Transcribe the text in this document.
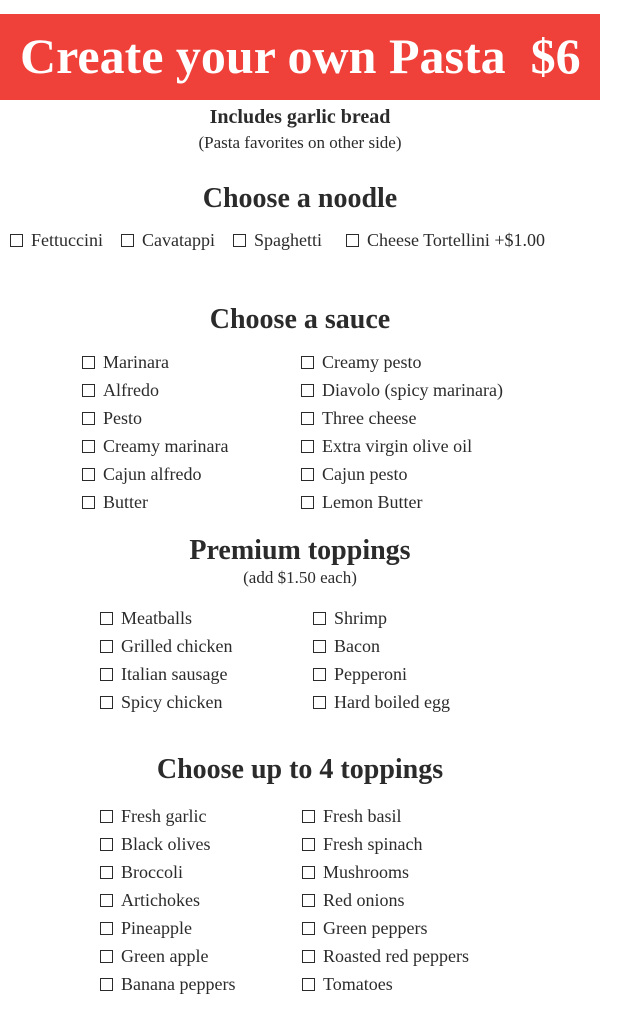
Create your own Pasta  $6
Includes garlic bread
(Pasta favorites on other side)
Choose a noodle
Fettuccini Cavatappi Spaghetti	Cheese Tortellini +$1.00
Choose a sauce
Marinara
Alfredo
Pesto
Creamy marinara
Cajun alfredo
Butter
Creamy pesto
Diavolo (spicy marinara)
Three cheese
Extra virgin olive oil
Cajun pesto
Lemon Butter
Premium toppings
(add $1.50 each)
Meatballs
Grilled chicken
Italian sausage
Spicy chicken
Shrimp
Bacon
Pepperoni
Hard boiled egg
Choose up to 4 toppings
Fresh garlic
Black olives
Broccoli
Artichokes
Pineapple
Green apple
Banana peppers
Fresh basil
Fresh spinach
Mushrooms
Red onions
Green peppers
Roasted red peppers
Tomatoes
